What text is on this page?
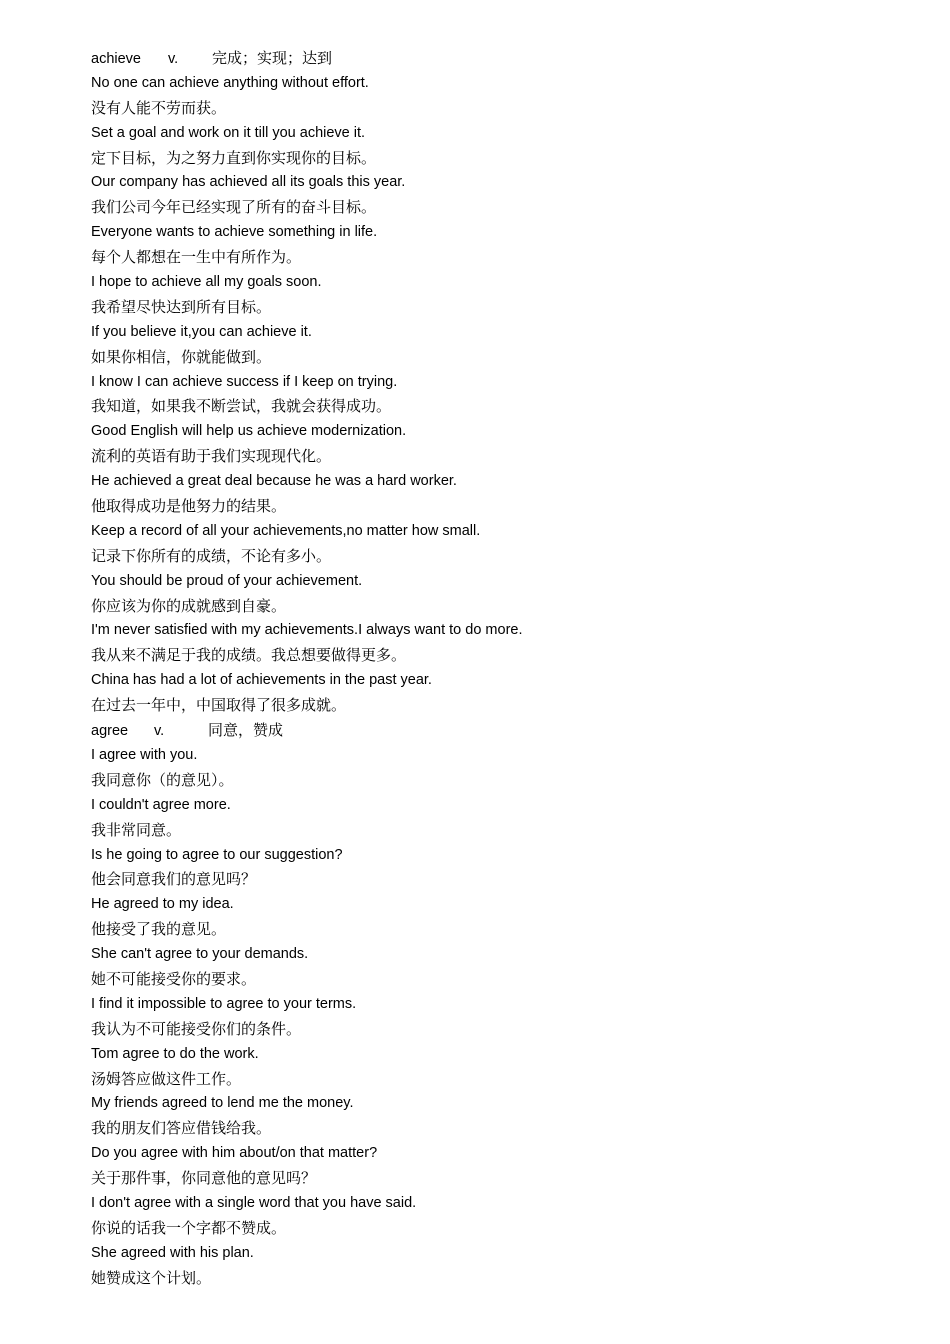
achieve v. 完成；实现；达到
No one can achieve anything without effort.
没有人能不劳而获。
Set a goal and work on it till you achieve it.
定下目标，为之努力直到你实现你的目标。
Our company has achieved all its goals this year.
我们公司今年已经实现了所有的奋斗目标。
Everyone wants to achieve something in life.
每个人都想在一生中有所作为。
I hope to achieve all my goals soon.
我希望尽快达到所有目标。
If you believe it,you can achieve it.
如果你相信，你就能做到。
I know I can achieve success if I keep on trying.
我知道，如果我不断尝试，我就会获得成功。
Good English will help us achieve modernization.
流利的英语有助于我们实现现代化。
He achieved a great deal because he was a hard worker.
他取得成功是他努力的结果。
Keep a record of all your achievements,no matter how small.
记录下你所有的成绩，不论有多小。
You should be proud of your achievement.
你应该为你的成就感到自豪。
I'm never satisfied with my achievements.I always want to do more.
我从来不满足于我的成绩。我总想要做得更多。
China has had a lot of achievements in the past year.
在过去一年中，中国取得了很多成就。
agree v.	同意，赞成
I agree with you.
我同意你（的意见）。
I couldn't agree more.
我非常同意。
Is he going to agree to our suggestion?
他会同意我们的意见吗？
He agreed to my idea.
他接受了我的意见。
She can't agree to your demands.
她不可能接受你的要求。
I find it impossible to agree to your terms.
我认为不可能接受你们的条件。
Tom agree to do the work.
汤姆答应做这件工作。
My friends agreed to lend me the money.
我的朋友们答应借钱给我。
Do you agree with him about/on that matter?
关于那件事，你同意他的意见吗？
I don't agree with a single word that you have said.
你说的话我一个字都不赞成。
She agreed with his plan.
她赞成这个计划。
